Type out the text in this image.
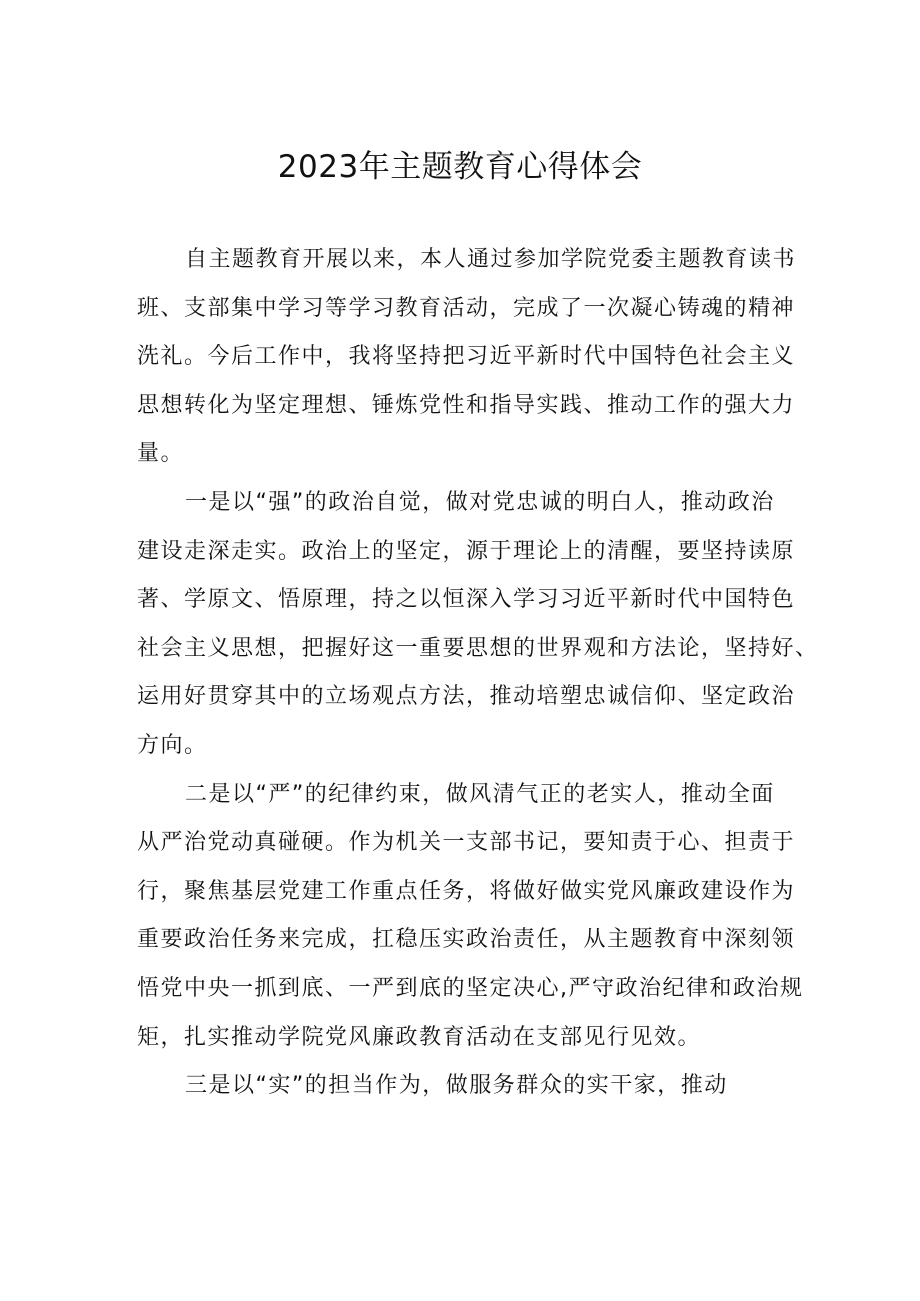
2023年主题教育心得体会
自主题教育开展以来，本人通过参加学院党委主题教育读书
班、支部集中学习等学习教育活动，完成了一次凝心铸魂的精神
洗礼。今后工作中，我将坚持把习近平新时代中国特色社会主义
思想转化为坚定理想、锤炼党性和指导实践、推动工作的强大力
量。
一是以“强”的政治自觉，做对党忠诚的明白人，推动政治
建设走深走实。政治上的坚定，源于理论上的清醒，要坚持读原
著、学原文、悟原理，持之以恒深入学习习近平新时代中国特色
社会主义思想，把握好这一重要思想的世界观和方法论，坚持好、
运用好贯穿其中的立场观点方法，推动培塑忠诚信仰、坚定政治
方向。
二是以“严”的纪律约束，做风清气正的老实人，推动全面
从严治党动真碰硬。作为机关一支部书记，要知责于心、担责于
行，聚焦基层党建工作重点任务，将做好做实党风廉政建设作为
重要政治任务来完成，扛稳压实政治责任，从主题教育中深刻领
悟党中央一抓到底、一严到底的坚定决心,严守政治纪律和政治规
矩，扎实推动学院党风廉政教育活动在支部见行见效。
三是以“实”的担当作为，做服务群众的实干家，推动
